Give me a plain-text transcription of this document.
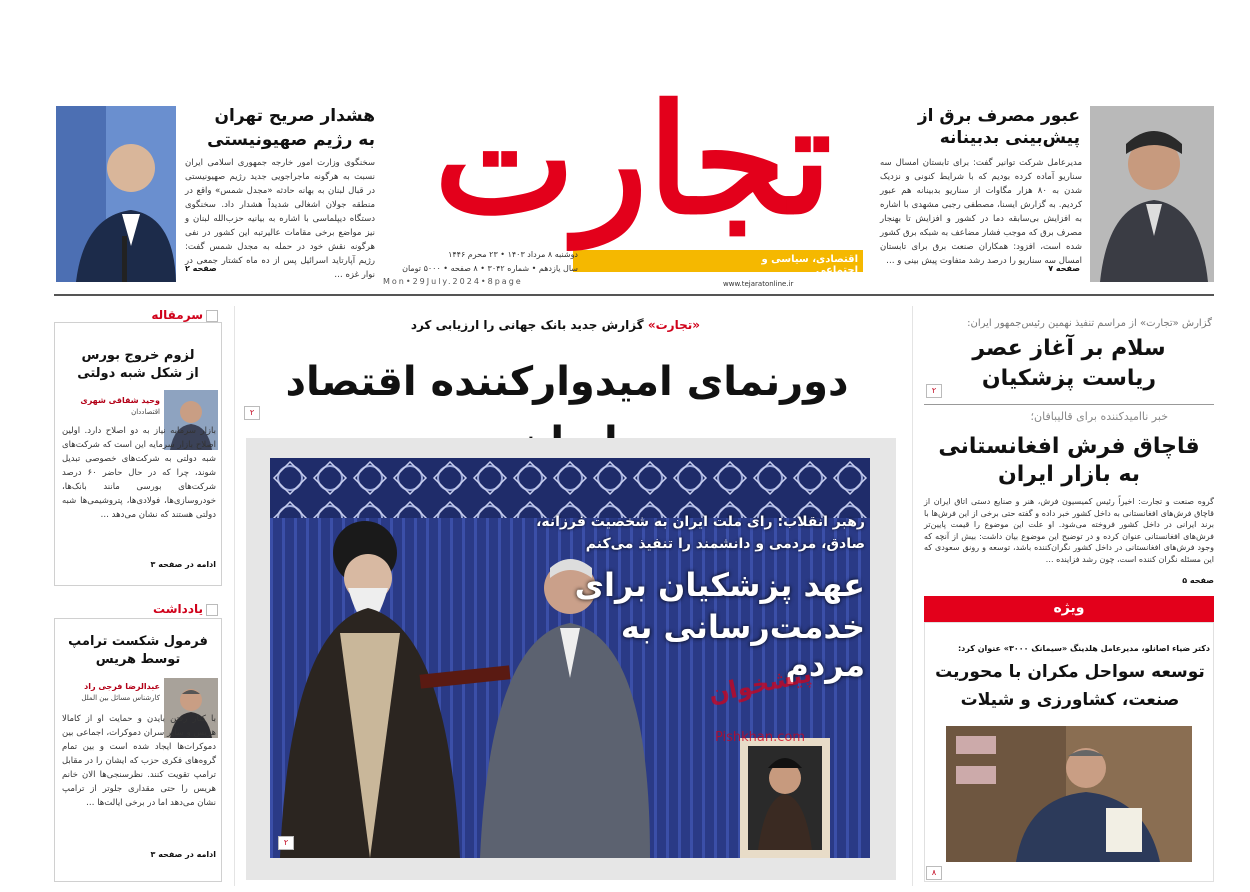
تجارت
اقتصادی، سیاسی و اجتماعی
دوشنبه ۸ مرداد ۱۴۰۳ • ۲۳ محرم ۱۴۴۶
سال یازدهم • شماره ۳۰۴۲ • ۸ صفحه • ۵۰۰۰ تومان
Mon•29July.2024•8page	www.tejaratonline.ir
هشدار صریح تهران
به رژیم صهیونیستی
سخنگوی وزارت امور خارجه جمهوری اسلامی ایران نسبت به هرگونه ماجراجویی جدید رژیم صهیونیستی در قبال لبنان به بهانه حادثه «مجدل شمس» واقع در منطقه جولان اشغالی شدیداً هشدار داد. سخنگوی دستگاه دیپلماسی با اشاره به بیانیه حزب‌الله لبنان و نیز مواضع برخی مقامات عالیرتبه این کشور در نفی هرگونه نقش خود در حمله به مجدل شمس گفت: رژیم آپارتاید اسرائیل پس از ده ماه کشتار جمعی در نوار غزه …
صفحه ۲
عبور مصرف برق از
پیش‌بینی بدبینانه
مدیرعامل شرکت توانیر گفت: برای تابستان امسال سه سناریو آماده کرده بودیم که با شرایط کنونی و نزدیک شدن به ۸۰ هزار مگاوات از سناریو بدبینانه هم عبور کردیم. به گزارش ایسنا، مصطفی رجبی مشهدی با اشاره به افزایش بی‌سابقه دما در کشور و افزایش تا بهنجار مصرف برق که موجب فشار مضاعف به شبکه برق کشور شده است، افزود: همکاران صنعت برق برای تابستان امسال سه سناریو را درصد رشد متفاوت پیش بینی و …
صفحه ۷
«تجارت» گزارش جدید بانک جهانی را ارزیابی کرد
دورنمای امیدوارکننده اقتصاد
۲
رهبر انقلاب: رای ملت ایران به شخصیت فرزانه،
صادق، مردمی و دانشمند را تنفیذ می‌کنم
عهد پزشکیان برای
خدمت‌رسانی به مردم
پیشخوان
Pishkhan.com
۲
سرمقاله
لزوم خروج بورس
از شکل شبه دولتی
وحید شقاقی شهری
اقتصاددان
بازار سرمایه نیاز به دو اصلاح دارد. اولین اصلاح بازار سرمایه این است که شرکت‌های شبه دولتی به شرکت‌های خصوصی تبدیل شوند، چرا که در حال حاضر ۶۰ درصد شرکت‌های بورسی مانند بانک‌ها، خودروسازی‌ها، فولادی‌ها، پتروشیمی‌ها شبه دولتی هستند که نشان می‌دهد …
ادامه در صفحه ۳
یادداشت
فرمول شکست ترامپ
توسط هریس
عبدالرضا فرجی راد
کارشناس مسائل بین الملل
با کنار رفتن بایدن و حمایت او از کامالا هریس و سایر سران دموکرات، اجماعی بین دموکرات‌ها ایجاد شده است و بین تمام گروه‌های فکری حزب که ایشان را در مقابل ترامپ تقویت کنند. نظرسنجی‌ها الان خانم هریس را حتی مقداری جلوتر از ترامپ نشان می‌دهد اما در برخی ایالت‌ها …
ادامه در صفحه ۳
گزارش «تجارت» از مراسم تنفیذ نهمین رئیس‌جمهور ایران:
سلام بر آغاز عصر
ریاست پزشکیان
۲
خبر ناامیدکننده برای قالیبافان؛
قاچاق فرش افغانستانی
به بازار ایران
گروه صنعت و تجارت: اخیراً رئیس کمیسیون فرش، هنر و صنایع دستی اتاق ایران از قاچاق فرش‌های افغانستانی به داخل کشور خبر داده و گفته حتی برخی از این فرش‌ها با برند ایرانی در داخل کشور فروخته می‌شود. او علت این موضوع را قیمت پایین‌تر فرش‌های افغانستانی عنوان کرده و در توضیح این موضوع بیان داشت: بیش از آنچه که وجود فرش‌های افغانستانی در داخل کشور نگران‌کننده باشد، توسعه و رونق سعودی که این مسئله نگران کننده است، چون رشد فزاینده …
صفحه ۵
ویژه
دکتر ضیاء اصانلو، مدیرعامل هلدینگ «سیمانک ۳۰۰۰» عنوان کرد:
توسعه سواحل مکران با محوریت
صنعت، کشاورزی و شیلات
۸
